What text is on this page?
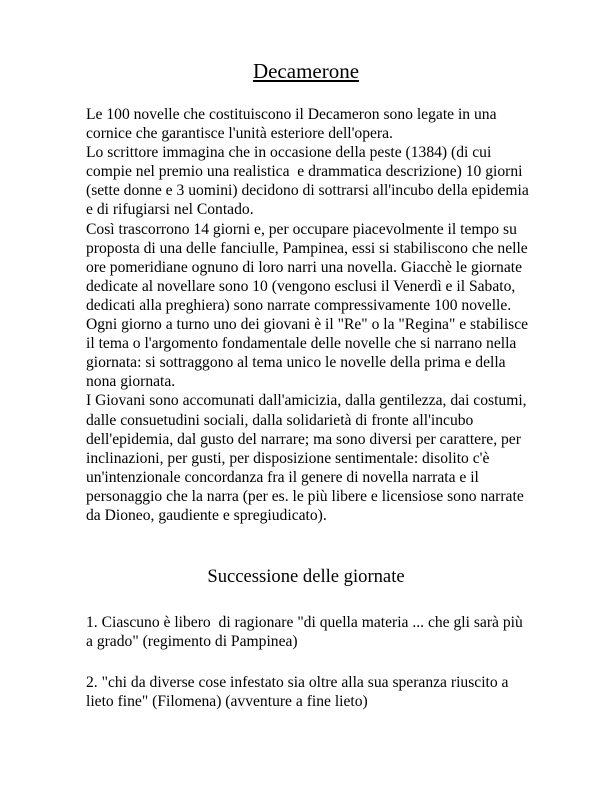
Decamerone
Le 100 novelle che costituiscono il Decameron sono legate in una
cornice che garantisce l'unità esteriore dell'opera.
Lo scrittore immagina che in occasione della peste (1384) (di cui
compie nel premio una realistica  e drammatica descrizione) 10 giorni
(sette donne e 3 uomini) decidono di sottrarsi all'incubo della epidemia
e di rifugiarsi nel Contado.
Così trascorrono 14 giorni e, per occupare piacevolmente il tempo su
proposta di una delle fanciulle, Pampinea, essi si stabiliscono che nelle
ore pomeridiane ognuno di loro narri una novella. Giacchè le giornate
dedicate al novellare sono 10 (vengono esclusi il Venerdì e il Sabato,
dedicati alla preghiera) sono narrate compressivamente 100 novelle.
Ogni giorno a turno uno dei giovani è il "Re" o la "Regina" e stabilisce
il tema o l'argomento fondamentale delle novelle che si narrano nella
giornata: si sottraggono al tema unico le novelle della prima e della
nona giornata.
I Giovani sono accomunati dall'amicizia, dalla gentilezza, dai costumi,
dalle consuetudini sociali, dalla solidarietà di fronte all'incubo
dell'epidemia, dal gusto del narrare; ma sono diversi per carattere, per
inclinazioni, per gusti, per disposizione sentimentale: disolito c'è
un'intenzionale concordanza fra il genere di novella narrata e il
personaggio che la narra (per es. le più libere e licensiose sono narrate
da Dioneo, gaudiente e spregiudicato).
Successione delle giornate
1. Ciascuno è libero  di ragionare "di quella materia ... che gli sarà più
a grado" (regimento di Pampinea)
2. "chi da diverse cose infestato sia oltre alla sua speranza riuscito a
lieto fine" (Filomena) (avventure a fine lieto)
